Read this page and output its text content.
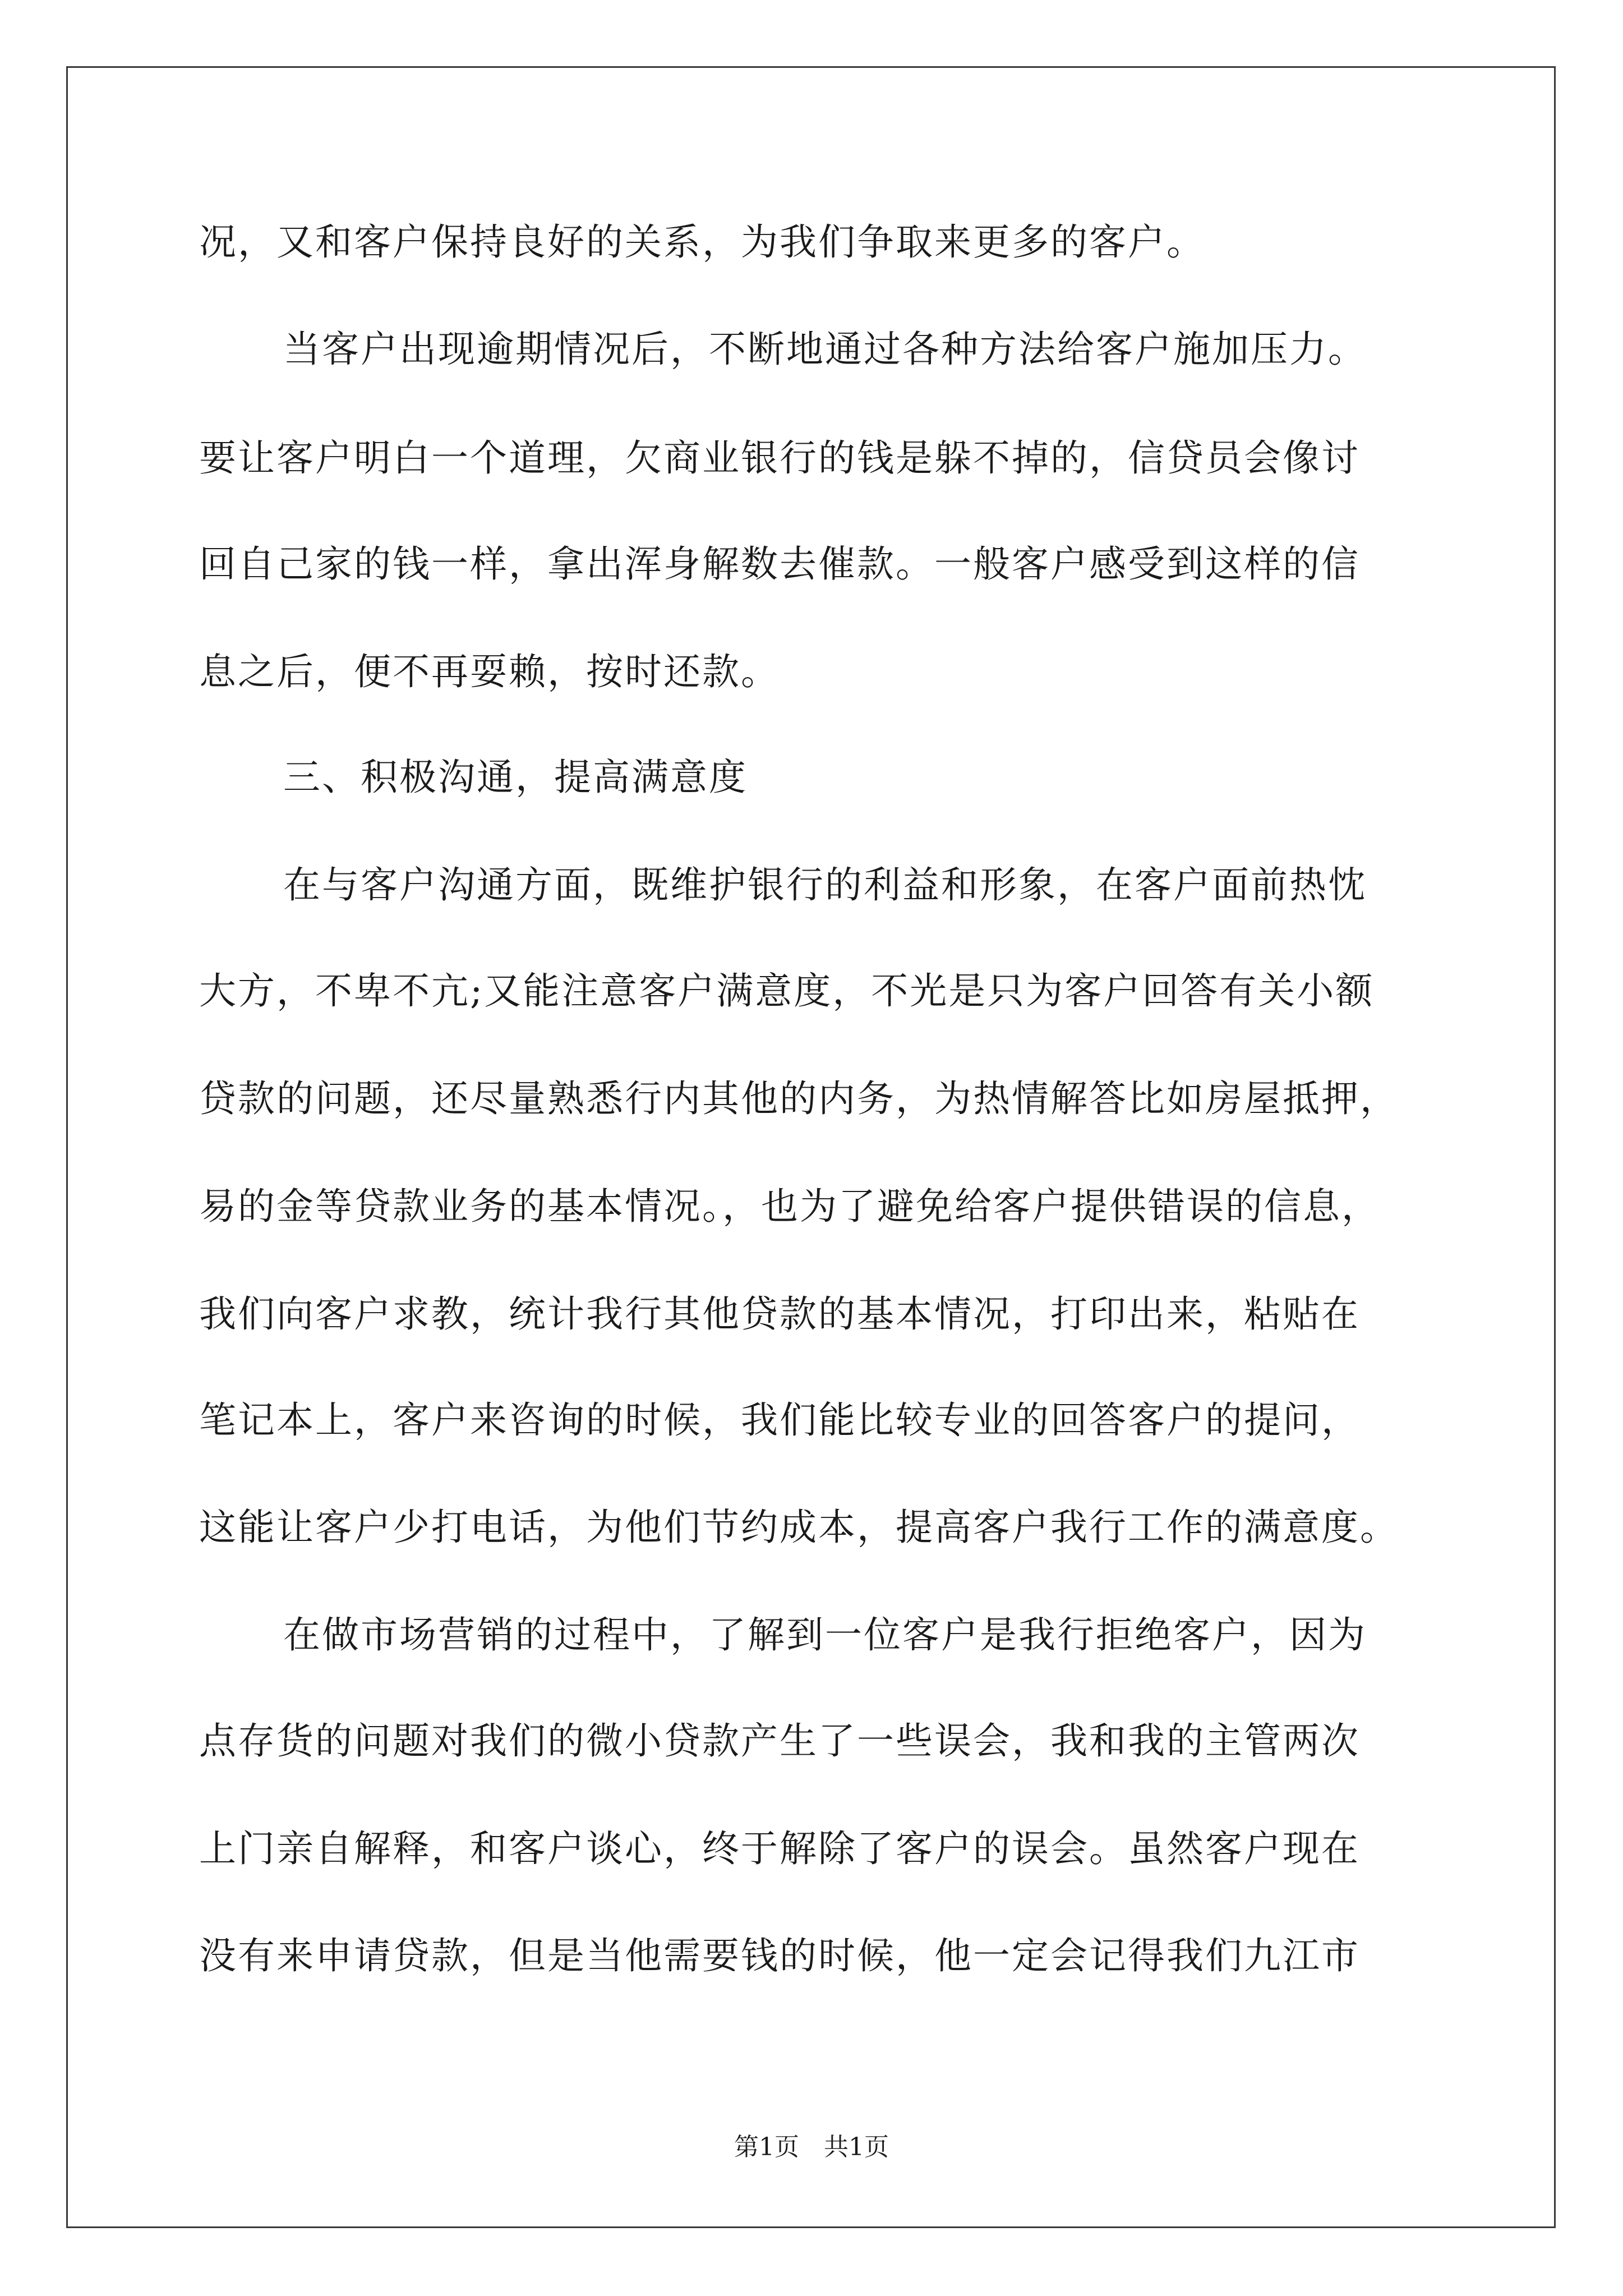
况，又和客户保持良好的关系，为我们争取来更多的客户。

当客户出现逾期情况后，不断地通过各种方法给客户施加压力。

要让客户明白一个道理，欠商业银行的钱是躲不掉的，信贷员会像讨

回自己家的钱一样，拿出浑身解数去催款。一般客户感受到这样的信

息之后，便不再耍赖，按时还款。

三、积极沟通，提高满意度

在与客户沟通方面，既维护银行的利益和形象，在客户面前热忱

大方，不卑不亢;又能注意客户满意度，不光是只为客户回答有关小额

贷款的问题，还尽量熟悉行内其他的内务，为热情解答比如房屋抵押，

易的金等贷款业务的基本情况。，也为了避免给客户提供错误的信息，

我们向客户求教，统计我行其他贷款的基本情况，打印出来，粘贴在

笔记本上，客户来咨询的时候，我们能比较专业的回答客户的提问，

这能让客户少打电话，为他们节约成本，提高客户我行工作的满意度。

在做市场营销的过程中，了解到一位客户是我行拒绝客户，因为

点存货的问题对我们的微小贷款产生了一些误会，我和我的主管两次

上门亲自解释，和客户谈心，终于解除了客户的误会。虽然客户现在

没有来申请贷款，但是当他需要钱的时候，他一定会记得我们九江市

第1页 共1页
